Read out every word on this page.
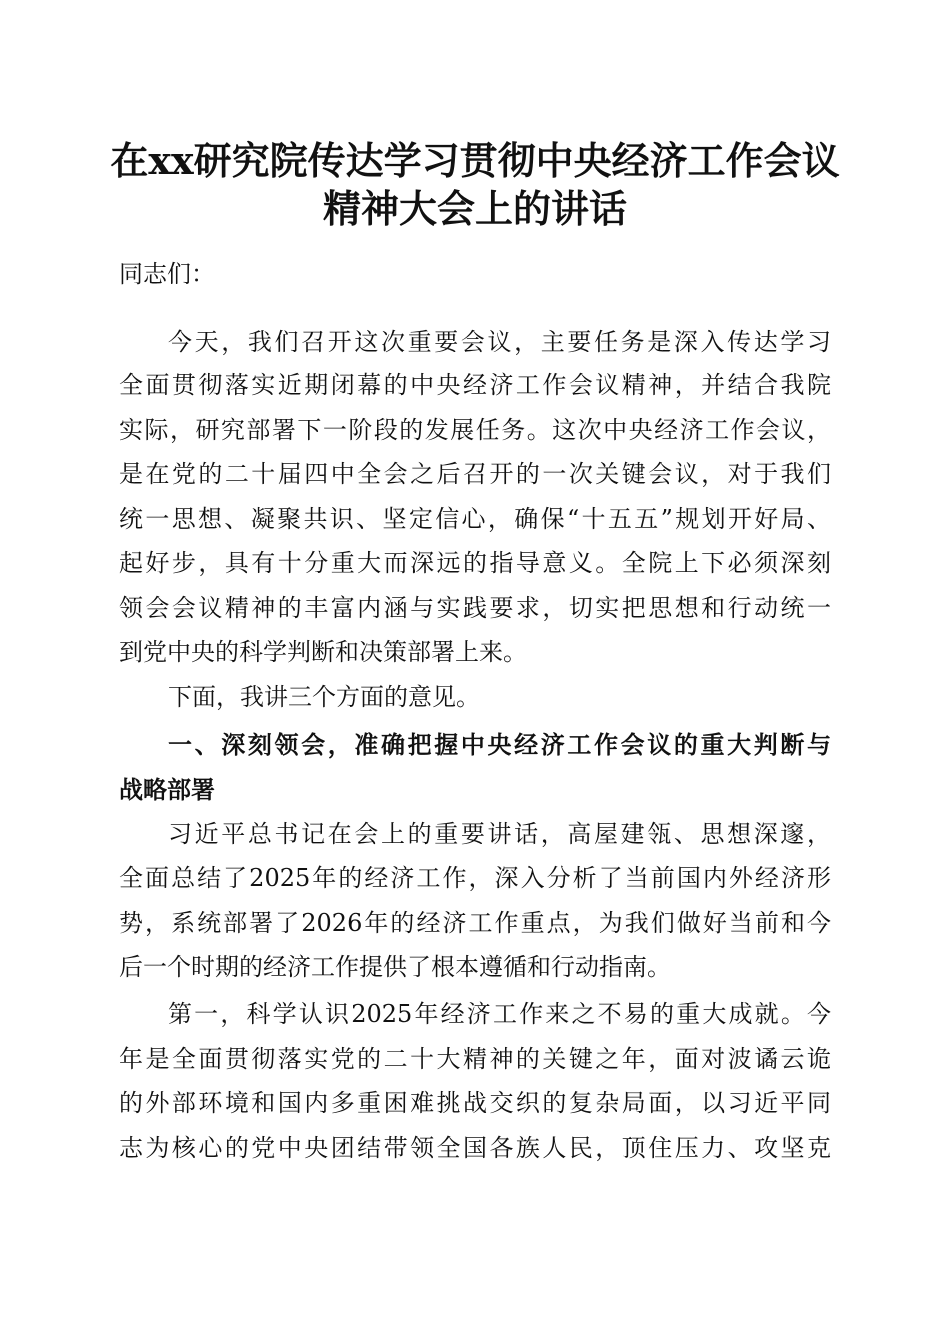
在xx研究院传达学习贯彻中央经济工作会议
精神大会上的讲话
同志们：
今天，我们召开这次重要会议，主要任务是深入传达学习
全面贯彻落实近期闭幕的中央经济工作会议精神，并结合我院
实际，研究部署下一阶段的发展任务。这次中央经济工作会议，
是在党的二十届四中全会之后召开的一次关键会议，对于我们
统一思想、凝聚共识、坚定信心，确保“十五五”规划开好局、
起好步，具有十分重大而深远的指导意义。全院上下必须深刻
领会会议精神的丰富内涵与实践要求，切实把思想和行动统一
到党中央的科学判断和决策部署上来。
下面，我讲三个方面的意见。
一、深刻领会，准确把握中央经济工作会议的重大判断与
战略部署
习近平总书记在会上的重要讲话，高屋建瓴、思想深邃，
全面总结了2025年的经济工作，深入分析了当前国内外经济形
势，系统部署了2026年的经济工作重点，为我们做好当前和今
后一个时期的经济工作提供了根本遵循和行动指南。
第一，科学认识2025年经济工作来之不易的重大成就。今
年是全面贯彻落实党的二十大精神的关键之年，面对波谲云诡
的外部环境和国内多重困难挑战交织的复杂局面，以习近平同
志为核心的党中央团结带领全国各族人民，顶住压力、攻坚克
